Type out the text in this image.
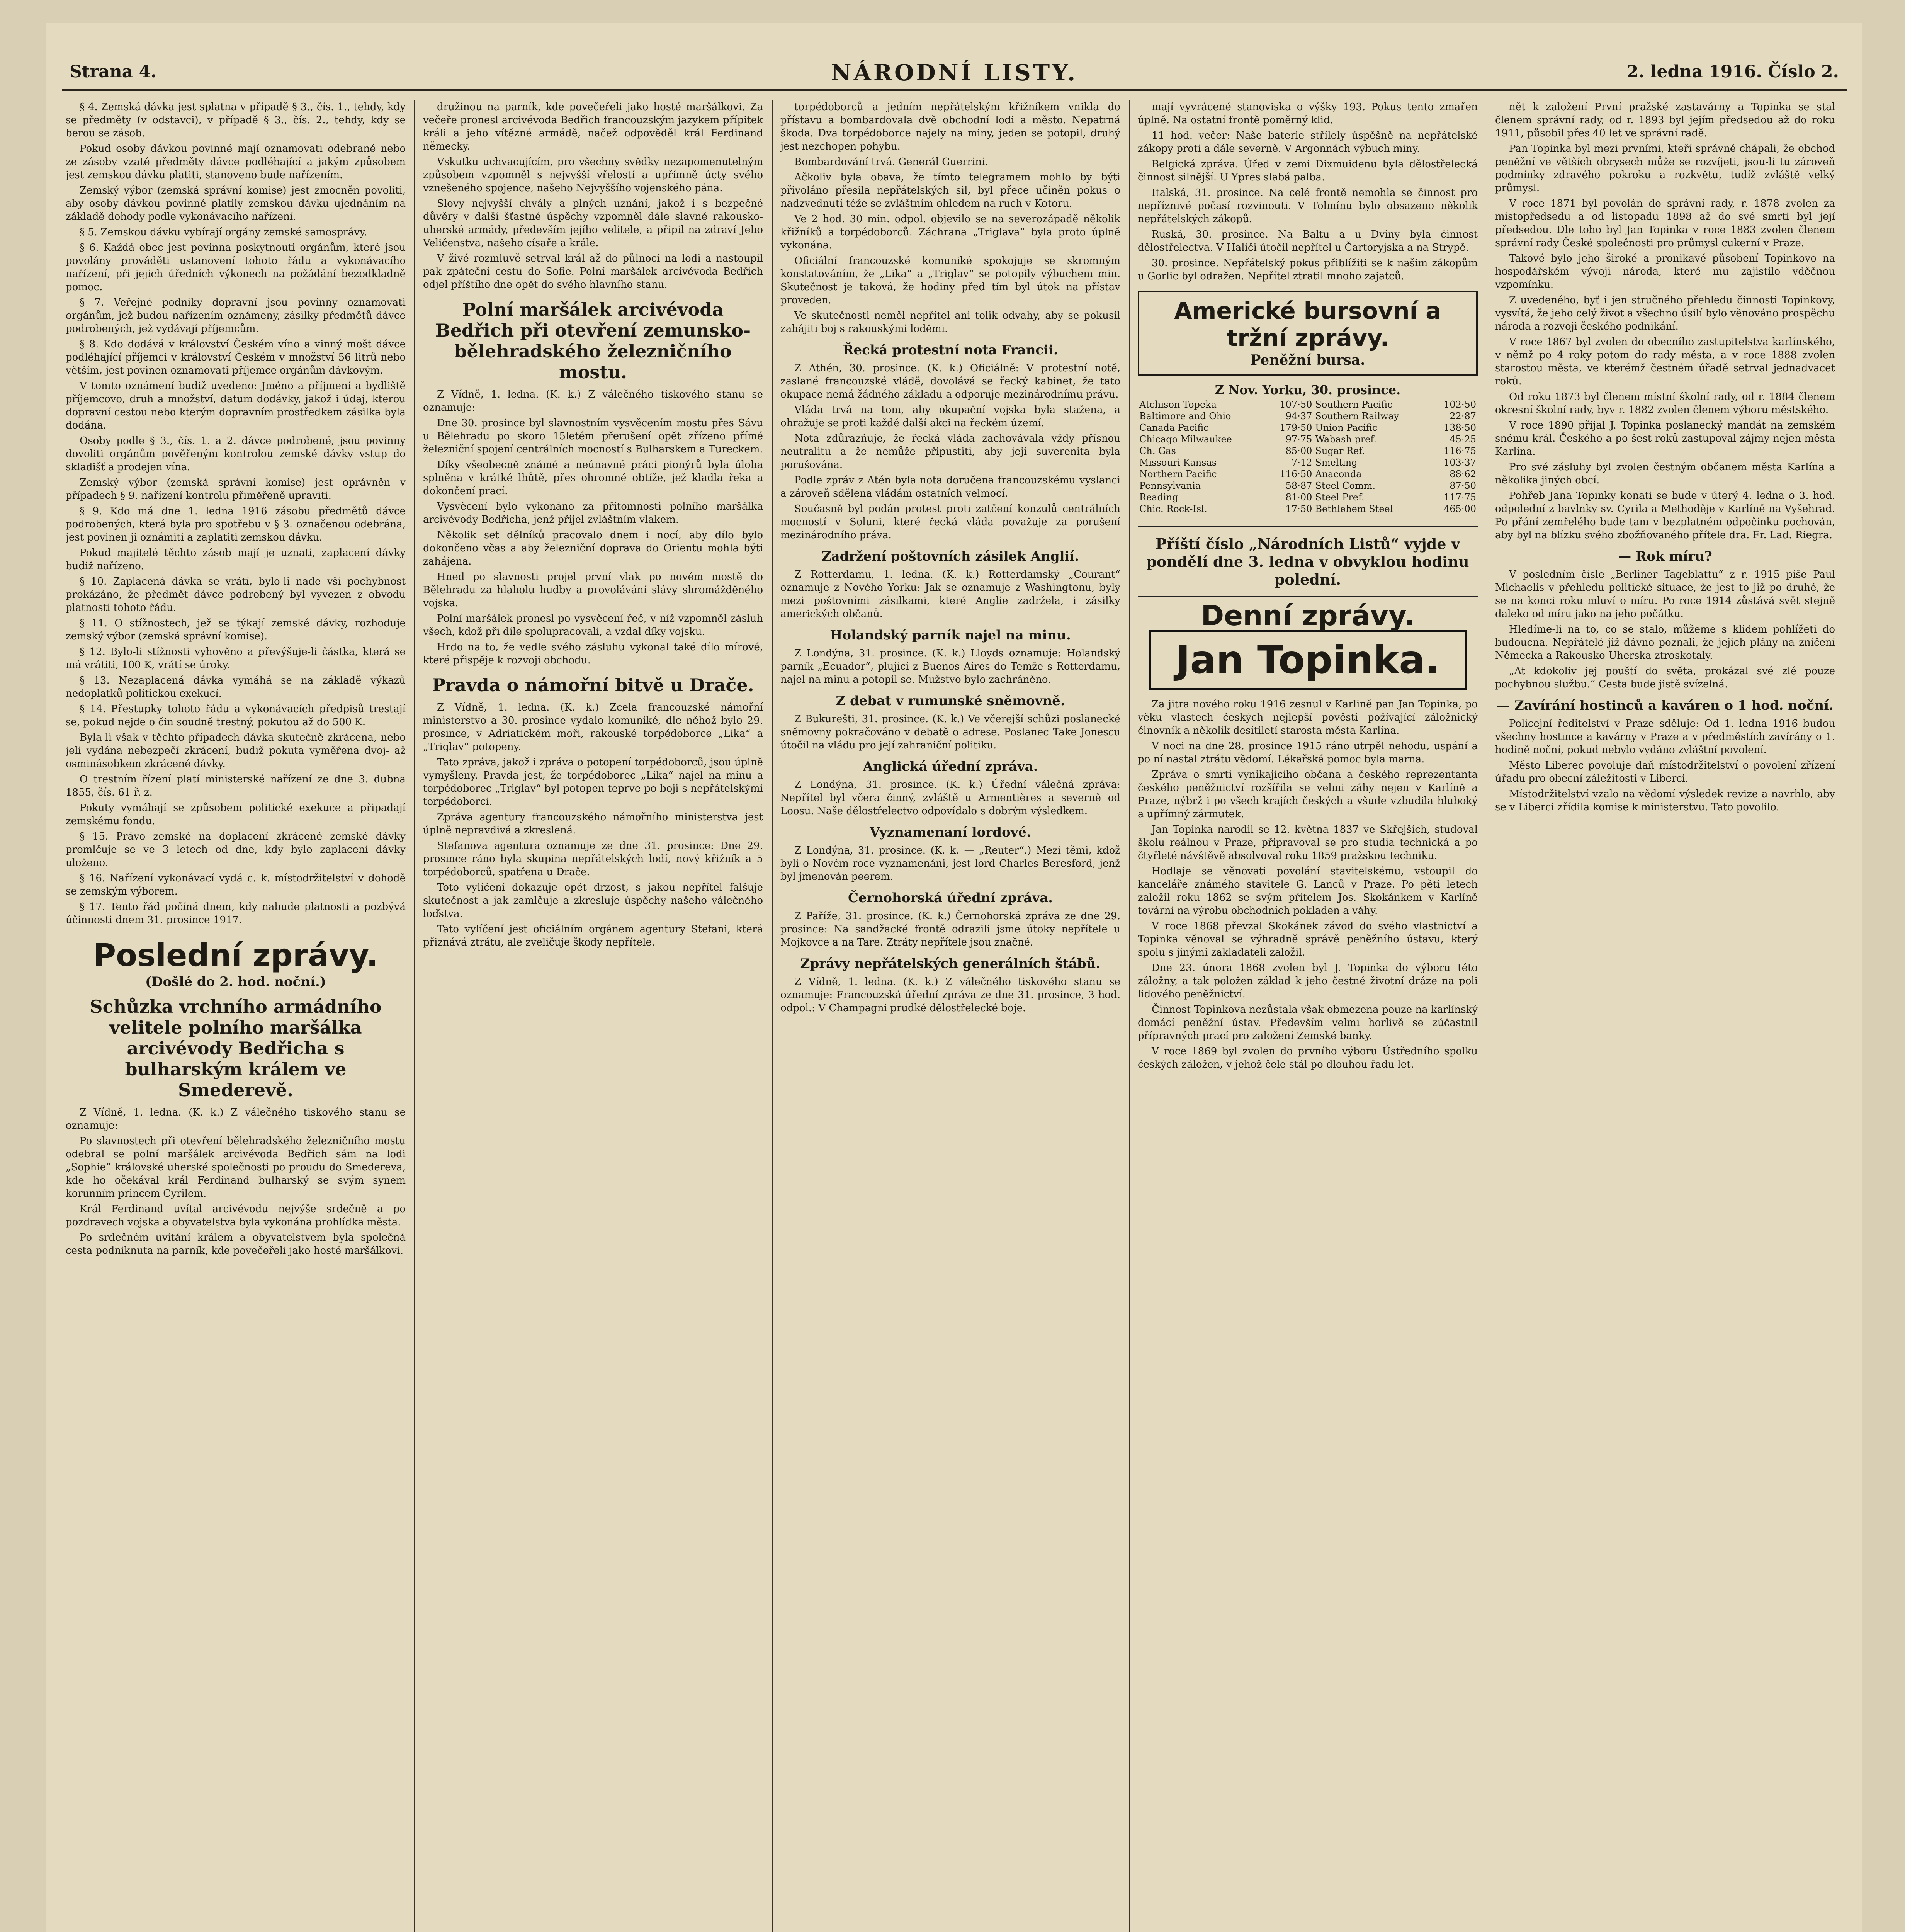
Strana 4.	NÁRODNÍ LISTY.	2. ledna 1916. Číslo 2.

§ 4. Zemská dávka jest splatna v případě § 3., čís. 1., tehdy, kdy se předměty (v odstavci), v případě § 3., čís. 2., tehdy, kdy se berou se zásob.

Pokud osoby dávkou povinné mají oznamovati odebrané nebo ze zásoby vzaté předměty dávce podléhající a jakým způsobem jest zemskou dávku platiti, stanoveno bude nařízením.

Zemský výbor (zemská správní komise) jest zmocněn povoliti, aby osoby dávkou povinné platily zemskou dávku ujednáním na základě dohody podle vykonávacího nařízení.

§ 5. Zemskou dávku vybírají orgány zemské samosprávy.

§ 6. Každá obec jest povinna poskytnouti orgánům, které jsou povolány prováděti ustanovení tohoto řádu a vykonávacího nařízení, při jejich úředních výkonech na požádání bezodkladně pomoc.

§ 7. Veřejné podniky dopravní jsou povinny oznamovati orgánům, jež budou nařízením oznámeny, zásilky předmětů dávce podrobených, jež vydávají příjemcům.

§ 8. Kdo dodává v království Českém víno a vinný mošt dávce podléhající příjemci v království Českém v množství 56 litrů nebo větším, jest povinen oznamovati příjemce orgánům dávkovým.

V tomto oznámení budiž uvedeno: Jméno a příjmení a bydliště příjemcovo, druh a množství, datum dodávky, jakož i údaj, kterou dopravní cestou nebo kterým dopravním prostředkem zásilka byla dodána.

Osoby podle § 3., čís. 1. a 2. dávce podrobené, jsou povinny dovoliti orgánům pověřeným kontrolou zemské dávky vstup do skladišť a prodejen vína.

Zemský výbor (zemská správní komise) jest oprávněn v případech § 9. nařízení kontrolu přiměřeně upraviti.

§ 9. Kdo má dne 1. ledna 1916 zásobu předmětů dávce podrobených, která byla pro spotřebu v § 3. označenou odebrána, jest povinen ji oznámiti a zaplatiti zemskou dávku.

Pokud majitelé těchto zásob mají je uznati, zaplacení dávky budiž nařízeno.

§ 10. Zaplacená dávka se vrátí, bylo-li nade vší pochybnost prokázáno, že předmět dávce podrobený byl vyvezen z obvodu platnosti tohoto řádu.

§ 11. O stížnostech, jež se týkají zemské dávky, rozhoduje zemský výbor (zemská správní komise).

§ 12. Bylo-li stížnosti vyhověno a převýšuje-li částka, která se má vrátiti, 100 K, vrátí se úroky.

§ 13. Nezaplacená dávka vymáhá se na základě výkazů nedoplatků politickou exekucí.

§ 14. Přestupky tohoto řádu a vykonávacích předpisů trestají se, pokud nejde o čin soudně trestný, pokutou až do 500 K.

Byla-li však v těchto případech dávka skutečně zkrácena, nebo jeli vydána nebezpečí zkrácení, budiž pokuta vyměřena dvoj- až osminásobkem zkrácené dávky.

O trestním řízení platí ministerské nařízení ze dne 3. dubna 1855, čís. 61 ř. z.

Pokuty vymáhají se způsobem politické exekuce a připadají zemskému fondu.

§ 15. Právo zemské na doplacení zkrácené zemské dávky promlčuje se ve 3 letech od dne, kdy bylo zaplacení dávky uloženo.

§ 16. Nařízení vykonávací vydá c. k. místodržitelství v dohodě se zemským výborem.

§ 17. Tento řád počíná dnem, kdy nabude platnosti a pozbývá účinnosti dnem 31. prosince 1917.

Poslední zprávy.
(Došlé do 2. hod. noční.)
Schůzka vrchního armádního velitele polního maršálka arcivévody Bedřicha s bulharským králem ve Smederevě.

Z Vídně, 1. ledna. (K. k.) Z válečného tiskového stanu se oznamuje:

Po slavnostech při otevření bělehradského železničního mostu odebral se polní maršálek arcivévoda Bedřich sám na lodi „Sophie“ královské uherské společnosti po proudu do Smedereva, kde ho očekával král Ferdinand bulharský se svým synem korunním princem Cyrilem.

Král Ferdinand uvítal arcivévodu nejvýše srdečně a po pozdravech vojska a obyvatelstva byla vykonána prohlídka města.

Po srdečném uvítání králem a obyvatelstvem byla společná cesta podniknuta na parník, kde povečeřeli jako hosté maršálkovi.

družinou na parník, kde povečeřeli jako hosté maršálkovi. Za večeře pronesl arcivévoda Bedřich francouzským jazykem přípitek králi a jeho vítězné armádě, načež odpověděl král Ferdinand německy.

Vskutku uchvacujícím, pro všechny svědky nezapomenutelným způsobem vzpomněl s nejvyšší vřelostí a upřímně úcty svého vznešeného spojence, našeho Nejvyššího vojenského pána.

Slovy nejvyšší chvály a plných uznání, jakož i s bezpečné důvěry v další šťastné úspěchy vzpomněl dále slavné rakousko-uherské armády, především jejího velitele, a připil na zdraví Jeho Veličenstva, našeho císaře a krále.

V živé rozmluvě setrval král až do půlnoci na lodi a nastoupil pak zpáteční cestu do Sofie. Polní maršálek arcivévoda Bedřich odjel příštího dne opět do svého hlavního stanu.

Polní maršálek arcivévoda Bedřich při otevření zemunsko-bělehradského železničního mostu.

Z Vídně, 1. ledna. (K. k.) Z válečného tiskového stanu se oznamuje:

Dne 30. prosince byl slavnostním vysvěcením mostu přes Sávu u Bělehradu po skoro 15letém přerušení opět zřízeno přímé železniční spojení centrálních mocností s Bulharskem a Tureckem.

Díky všeobecně známé a neúnavné práci pionýrů byla úloha splněna v krátké lhůtě, přes ohromné obtíže, jež kladla řeka a dokončení prací.

Vysvěcení bylo vykonáno za přítomnosti polního maršálka arcivévody Bedřicha, jenž přijel zvláštním vlakem.

Několik set dělníků pracovalo dnem i nocí, aby dílo bylo dokončeno včas a aby železniční doprava do Orientu mohla býti zahájena.

Hned po slavnosti projel první vlak po novém mostě do Bělehradu za hlaholu hudby a provolávání slávy shromážděného vojska.

Polní maršálek pronesl po vysvěcení řeč, v níž vzpomněl zásluh všech, kdož při díle spolupracovali, a vzdal díky vojsku.

Hrdo na to, že vedle svého zásluhu vykonal také dílo mírové, které přispěje k rozvoji obchodu.

Pravda o námořní bitvě u Drače.

Z Vídně, 1. ledna. (K. k.) Zcela francouzské námořní ministerstvo a 30. prosince vydalo komuniké, dle něhož bylo 29. prosince, v Adriatickém moři, rakouské torpédoborce „Lika“ a „Triglav“ potopeny.

Tato zpráva, jakož i zpráva o potopení torpédoborců, jsou úplně vymyšleny. Pravda jest, že torpédoborec „Lika“ najel na minu a torpédoborec „Triglav“ byl potopen teprve po boji s nepřátelskými torpédoborci.

Zpráva agentury francouzského námořního ministerstva jest úplně nepravdivá a zkreslená.

Stefanova agentura oznamuje ze dne 31. prosince: Dne 29. prosince ráno byla skupina nepřátelských lodí, nový křižník a 5 torpédoborců, spatřena u Drače.

Toto vylíčení dokazuje opět drzost, s jakou nepřítel falšuje skutečnost a jak zamlčuje a zkresluje úspěchy našeho válečného loďstva.

Tato vylíčení jest oficiálním orgánem agentury Stefani, která přiznává ztrátu, ale zveličuje škody nepřítele.

torpédoborců a jedním nepřátelským křižníkem vnikla do přístavu a bombardovala dvě obchodní lodi a město. Nepatrná škoda. Dva torpédoborce najely na miny, jeden se potopil, druhý jest nezchopen pohybu.

Bombardování trvá. Generál Guerrini.

Ačkoliv byla obava, že tímto telegramem mohlo by býti přivoláno přesila nepřátelských sil, byl přece učiněn pokus o nadzvednutí téže se zvláštním ohledem na ruch v Kotoru.

Ve 2 hod. 30 min. odpol. objevilo se na severozápadě několik křižníků a torpédoborců. Záchrana „Triglava“ byla proto úplně vykonána.

Oficiální francouzské komuniké spokojuje se skromným konstatováním, že „Lika“ a „Triglav“ se potopily výbuchem min. Skutečnost je taková, že hodiny před tím byl útok na přístav proveden.

Ve skutečnosti neměl nepřítel ani tolik odvahy, aby se pokusil zahájiti boj s rakouskými loděmi.

Řecká protestní nota Francii.

Z Athén, 30. prosince. (K. k.) Oficiálně: V protestní notě, zaslané francouzské vládě, dovolává se řecký kabinet, že tato okupace nemá žádného základu a odporuje mezinárodnímu právu.

Vláda trvá na tom, aby okupační vojska byla stažena, a ohražuje se proti každé další akci na řeckém území.

Nota zdůrazňuje, že řecká vláda zachovávala vždy přísnou neutralitu a že nemůže připustiti, aby její suverenita byla porušována.

Podle zpráv z Atén byla nota doručena francouzskému vyslanci a zároveň sdělena vládám ostatních velmocí.

Současně byl podán protest proti zatčení konzulů centrálních mocností v Soluni, které řecká vláda považuje za porušení mezinárodního práva.

Zadržení poštovních zásilek Anglií.

Z Rotterdamu, 1. ledna. (K. k.) Rotterdamský „Courant“ oznamuje z Nového Yorku: Jak se oznamuje z Washingtonu, byly mezi poštovními zásilkami, které Anglie zadržela, i zásilky amerických občanů.

Holandský parník najel na minu.

Z Londýna, 31. prosince. (K. k.) Lloyds oznamuje: Holandský parník „Ecuador“, plující z Buenos Aires do Temže s Rotterdamu, najel na minu a potopil se. Mužstvo bylo zachráněno.

Z debat v rumunské sněmovně.

Z Bukurešti, 31. prosince. (K. k.) Ve včerejší schůzi poslanecké sněmovny pokračováno v debatě o adrese. Poslanec Take Jonescu útočil na vládu pro její zahraniční politiku.

Anglická úřední zpráva.

Z Londýna, 31. prosince. (K. k.) Úřední válečná zpráva: Nepřítel byl včera činný, zvláště u Armentières a severně od Loosu. Naše dělostřelectvo odpovídalo s dobrým výsledkem.

Vyznamenaní lordové.

Z Londýna, 31. prosince. (K. k. — „Reuter“.) Mezi těmi, kdož byli o Novém roce vyznamenáni, jest lord Charles Beresford, jenž byl jmenován peerem.

Černohorská úřední zpráva.

Z Paříže, 31. prosince. (K. k.) Černohorská zpráva ze dne 29. prosince: Na sandžacké frontě odrazili jsme útoky nepřítele u Mojkovce a na Tare. Ztráty nepřítele jsou značné.

Zprávy nepřátelských generálních štábů.

Z Vídně, 1. ledna. (K. k.) Z válečného tiskového stanu se oznamuje: Francouzská úřední zpráva ze dne 31. prosince, 3 hod. odpol.: V Champagni prudké dělostřelecké boje.

mají vyvrácené stanoviska o výšky 193. Pokus tento zmařen úplně. Na ostatní frontě poměrný klid.

11 hod. večer: Naše baterie střílely úspěšně na nepřátelské zákopy proti a dále severně. V Argonnách výbuch miny.

Belgická zpráva. Úřed v zemi Dixmuidenu byla dělostřelecká činnost silnější. U Ypres slabá palba.

Italská, 31. prosince. Na celé frontě nemohla se činnost pro nepříznivé počasí rozvinouti. V Tolmínu bylo obsazeno několik nepřátelských zákopů.

Ruská, 30. prosince. Na Baltu a u Dviny byla činnost dělostřelectva. V Haliči útočil nepřítel u Čartoryjska a na Strypě.

30. prosince. Nepřátelský pokus přiblížiti se k našim zákopům u Gorlic byl odražen. Nepřítel ztratil mnoho zajatců.

Americké bursovní a tržní zprávy.
Peněžní bursa.
Z Nov. Yorku, 30. prosince.
Atchison Topeka	107·50	Southern Pacific	102·50
Baltimore and Ohio	94·37	Southern Railway	22·87
Canada Pacific	179·50	Union Pacific	138·50
Chicago Milwaukee	97·75	Wabash pref.	45·25
Ch. Gas	85·00	Sugar Ref.	116·75
Missouri Kansas	7·12	Smelting	103·37
Northern Pacific	116·50	Anaconda	88·62
Pennsylvania	58·87	Steel Comm.	87·50
Reading	81·00	Steel Pref.	117·75
Chic. Rock-Isl.	17·50	Bethlehem Steel	465·00
Příští číslo „Národních Listů“ vyjde v pondělí dne 3. ledna v obvyklou hodinu polední.
Denní zprávy.
Jan Topinka.

Za jitra nového roku 1916 zesnul v Karlině pan Jan Topinka, po věku vlastech českých nejlepší pověsti požívající záložnický činovník a několik desítiletí starosta města Karlína.

V noci na dne 28. prosince 1915 ráno utrpěl nehodu, uspání a po ní nastal ztrátu vědomí. Lékařská pomoc byla marna.

Zpráva o smrti vynikajícího občana a českého reprezentanta českého peněžnictví rozšířila se velmi záhy nejen v Karlíně a Praze, nýbrž i po všech krajích českých a všude vzbudila hluboký a upřímný zármutek.

Jan Topinka narodil se 12. května 1837 ve Skřejších, studoval školu reálnou v Praze, připravoval se pro studia technická a po čtyřleté návštěvě absolvoval roku 1859 pražskou techniku.

Hodlaje se věnovati povolání stavitelskému, vstoupil do kanceláře známého stavitele G. Lanců v Praze. Po pěti letech založil roku 1862 se svým přítelem Jos. Skokánkem v Karlíně tovární na výrobu obchodních pokladen a váhy.

V roce 1868 převzal Skokánek závod do svého vlastnictví a Topinka věnoval se výhradně správě peněžního ústavu, který spolu s jinými zakladateli založil.

Dne 23. února 1868 zvolen byl J. Topinka do výboru této záložny, a tak položen základ k jeho čestné životní dráze na poli lidového peněžnictví.

Činnost Topinkova nezůstala však obmezena pouze na karlínský domácí peněžní ústav. Především velmi horlivě se zúčastnil přípravných prací pro založení Zemské banky.

V roce 1869 byl zvolen do prvního výboru Ústředního spolku českých záložen, v jehož čele stál po dlouhou řadu let.

nět k založení První pražské zastavárny a Topinka se stal členem správní rady, od r. 1893 byl jejím předsedou až do roku 1911, působil přes 40 let ve správní radě.

Pan Topinka byl mezi prvními, kteří správně chápali, že obchod peněžní ve větších obrysech může se rozvíjeti, jsou-li tu zároveň podmínky zdravého pokroku a rozkvětu, tudíž zvláště velký průmysl.

V roce 1871 byl povolán do správní rady, r. 1878 zvolen za místopředsedu a od listopadu 1898 až do své smrti byl její předsedou. Dle toho byl Jan Topinka v roce 1883 zvolen členem správní rady České společnosti pro průmysl cukerní v Praze.

Takové bylo jeho široké a pronikavé působení Topinkovo na hospodářském vývoji národa, které mu zajistilo vděčnou vzpomínku.

Z uvedeného, byť i jen stručného přehledu činnosti Topinkovy, vysvítá, že jeho celý život a všechno úsilí bylo věnováno prospěchu národa a rozvoji českého podnikání.

V roce 1867 byl zvolen do obecního zastupitelstva karlínského, v němž po 4 roky potom do rady města, a v roce 1888 zvolen starostou města, ve kterémž čestném úřadě setrval jednadvacet roků.

Od roku 1873 byl členem místní školní rady, od r. 1884 členem okresní školní rady, byv r. 1882 zvolen členem výboru městského.

V roce 1890 přijal J. Topinka poslanecký mandát na zemském sněmu král. Českého a po šest roků zastupoval zájmy nejen města Karlína.

Pro své zásluhy byl zvolen čestným občanem města Karlína a několika jiných obcí.

Pohřeb Jana Topinky konati se bude v úterý 4. ledna o 3. hod. odpolední z bavlnky sv. Cyrila a Methoděje v Karlíně na Vyšehrad. Po přání zemřelého bude tam v bezplatném odpočinku pochován, aby byl na blízku svého zbožňovaného přítele dra. Fr. Lad. Riegra.

— Rok míru?

V posledním čísle „Berliner Tageblattu“ z r. 1915 píše Paul Michaelis v přehledu politické situace, že jest to již po druhé, že se na konci roku mluví o míru. Po roce 1914 zůstává svět stejně daleko od míru jako na jeho počátku.

Hledíme-li na to, co se stalo, můžeme s klidem pohlížeti do budoucna. Nepřátelé již dávno poznali, že jejich plány na zničení Německa a Rakousko-Uherska ztroskotaly.

„At kdokoliv jej pouští do světa, prokázal své zlé pouze pochybnou službu.“ Cesta bude jistě svízelná.

— Zavírání hostinců a kaváren o 1 hod. noční.

Policejní ředitelství v Praze sděluje: Od 1. ledna 1916 budou všechny hostince a kavárny v Praze a v předměstích zavírány o 1. hodině noční, pokud nebylo vydáno zvláštní povolení.

Město Liberec povoluje daň místodržitelství o povolení zřízení úřadu pro obecní záležitosti v Liberci.

Místodržitelství vzalo na vědomí výsledek revize a navrhlo, aby se v Liberci zřídila komise k ministerstvu. Tato povolilo.
